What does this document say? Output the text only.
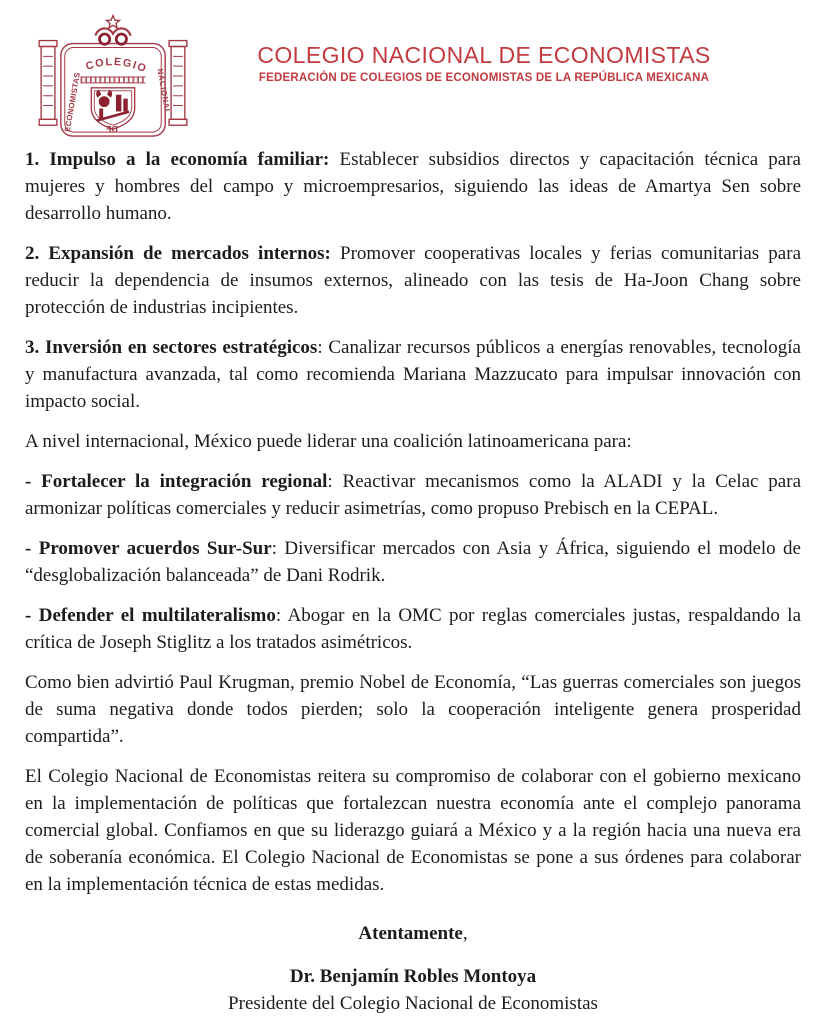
COLEGIO NACIONAL
ECONOMISTAS	DE
COLEGIO NACIONAL DE ECONOMISTAS
FEDERACIÓN DE COLEGIOS DE ECONOMISTAS DE LA REPÚBLICA MEXICANA

1. Impulso a la economía familiar: Establecer subsidios directos y capacitación técnica para mujeres y hombres del campo y microempresarios, siguiendo las ideas de Amartya Sen sobre desarrollo humano.

2. Expansión de mercados internos: Promover cooperativas locales y ferias comunitarias para reducir la dependencia de insumos externos, alineado con las tesis de Ha-Joon Chang sobre protección de industrias incipientes.

3. Inversión en sectores estratégicos: Canalizar recursos públicos a energías renovables, tecnología y manufactura avanzada, tal como recomienda Mariana Mazzucato para impulsar innovación con impacto social.

A nivel internacional, México puede liderar una coalición latinoamericana para:

- Fortalecer la integración regional: Reactivar mecanismos como la ALADI y la Celac para armonizar políticas comerciales y reducir asimetrías, como propuso Prebisch en la CEPAL.

- Promover acuerdos Sur-Sur: Diversificar mercados con Asia y África, siguiendo el modelo de “desglobalización balanceada” de Dani Rodrik.

- Defender el multilateralismo: Abogar en la OMC por reglas comerciales justas, respaldando la crítica de Joseph Stiglitz a los tratados asimétricos.

Como bien advirtió Paul Krugman, premio Nobel de Economía, “Las guerras comerciales son juegos de suma negativa donde todos pierden; solo la cooperación inteligente genera prosperidad compartida”.

El Colegio Nacional de Economistas reitera su compromiso de colaborar con el gobierno mexicano en la implementación de políticas que fortalezcan nuestra economía ante el complejo panorama comercial global. Confiamos en que su liderazgo guiará a México y a la región hacia una nueva era de soberanía económica. El Colegio Nacional de Economistas se pone a sus órdenes para colaborar en la implementación técnica de estas medidas.

Atentamente,
Dr. Benjamín Robles Montoya
Presidente del Colegio Nacional de Economistas
